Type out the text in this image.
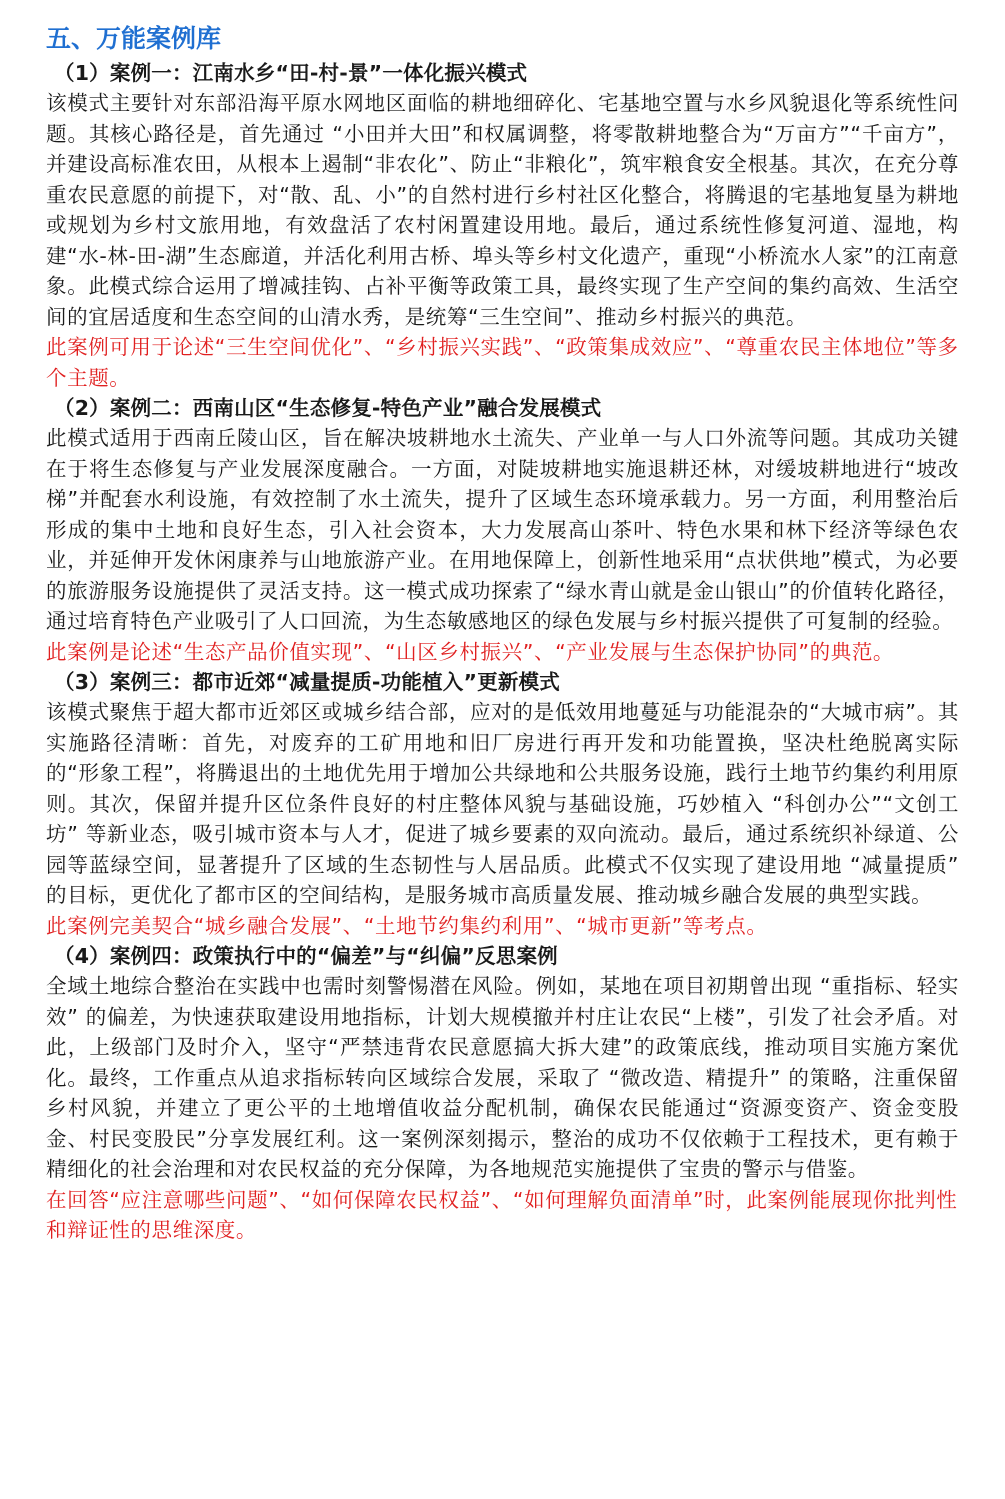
五、万能案例库
（1）案例一：江南水乡“田-村-景”一体化振兴模式

该模式主要针对东部沿海平原水网地区面临的耕地细碎化、宅基地空置与水乡风貌退化等系统性问题。其核心路径是，首先通过 “小田并大田”和权属调整，将零散耕地整合为“万亩方”“千亩方”，并建设高标准农田，从根本上遏制“非农化”、防止“非粮化”，筑牢粮食安全根基。其次，在充分尊重农民意愿的前提下，对“散、乱、小”的自然村进行乡村社区化整合，将腾退的宅基地复垦为耕地或规划为乡村文旅用地，有效盘活了农村闲置建设用地。最后，通过系统性修复河道、湿地，构建“水-林-田-湖”生态廊道，并活化利用古桥、埠头等乡村文化遗产，重现“小桥流水人家”的江南意象。此模式综合运用了增减挂钩、占补平衡等政策工具，最终实现了生产空间的集约高效、生活空间的宜居适度和生态空间的山清水秀，是统筹“三生空间”、推动乡村振兴的典范。

此案例可用于论述“三生空间优化”、“乡村振兴实践”、“政策集成效应”、“尊重农民主体地位”等多个主题。

（2）案例二：西南山区“生态修复-特色产业”融合发展模式

此模式适用于西南丘陵山区，旨在解决坡耕地水土流失、产业单一与人口外流等问题。其成功关键在于将生态修复与产业发展深度融合。一方面，对陡坡耕地实施退耕还林，对缓坡耕地进行“坡改梯”并配套水利设施，有效控制了水土流失，提升了区域生态环境承载力。另一方面，利用整治后形成的集中土地和良好生态，引入社会资本，大力发展高山茶叶、特色水果和林下经济等绿色农业，并延伸开发休闲康养与山地旅游产业。在用地保障上，创新性地采用“点状供地”模式，为必要的旅游服务设施提供了灵活支持。这一模式成功探索了“绿水青山就是金山银山”的价值转化路径，通过培育特色产业吸引了人口回流，为生态敏感地区的绿色发展与乡村振兴提供了可复制的经验。

此案例是论述“生态产品价值实现”、“山区乡村振兴”、“产业发展与生态保护协同”的典范。

（3）案例三：都市近郊“减量提质-功能植入”更新模式

该模式聚焦于超大都市近郊区或城乡结合部，应对的是低效用地蔓延与功能混杂的“大城市病”。其实施路径清晰：首先，对废弃的工矿用地和旧厂房进行再开发和功能置换，坚决杜绝脱离实际的“形象工程”，将腾退出的土地优先用于增加公共绿地和公共服务设施，践行土地节约集约利用原则。其次，保留并提升区位条件良好的村庄整体风貌与基础设施，巧妙植入 “科创办公”“文创工坊” 等新业态，吸引城市资本与人才，促进了城乡要素的双向流动。最后，通过系统织补绿道、公园等蓝绿空间，显著提升了区域的生态韧性与人居品质。此模式不仅实现了建设用地 “减量提质” 的目标，更优化了都市区的空间结构，是服务城市高质量发展、推动城乡融合发展的典型实践。

此案例完美契合“城乡融合发展”、“土地节约集约利用”、“城市更新”等考点。

（4）案例四：政策执行中的“偏差”与“纠偏”反思案例

全域土地综合整治在实践中也需时刻警惕潜在风险。例如，某地在项目初期曾出现 “重指标、轻实效” 的偏差，为快速获取建设用地指标，计划大规模撤并村庄让农民“上楼”，引发了社会矛盾。对此，上级部门及时介入，坚守“严禁违背农民意愿搞大拆大建”的政策底线，推动项目实施方案优化。最终，工作重点从追求指标转向区域综合发展，采取了 “微改造、精提升” 的策略，注重保留乡村风貌，并建立了更公平的土地增值收益分配机制，确保农民能通过“资源变资产、资金变股金、村民变股民”分享发展红利。这一案例深刻揭示，整治的成功不仅依赖于工程技术，更有赖于精细化的社会治理和对农民权益的充分保障，为各地规范实施提供了宝贵的警示与借鉴。

在回答“应注意哪些问题”、“如何保障农民权益”、“如何理解负面清单”时，此案例能展现你批判性和辩证性的思维深度。
